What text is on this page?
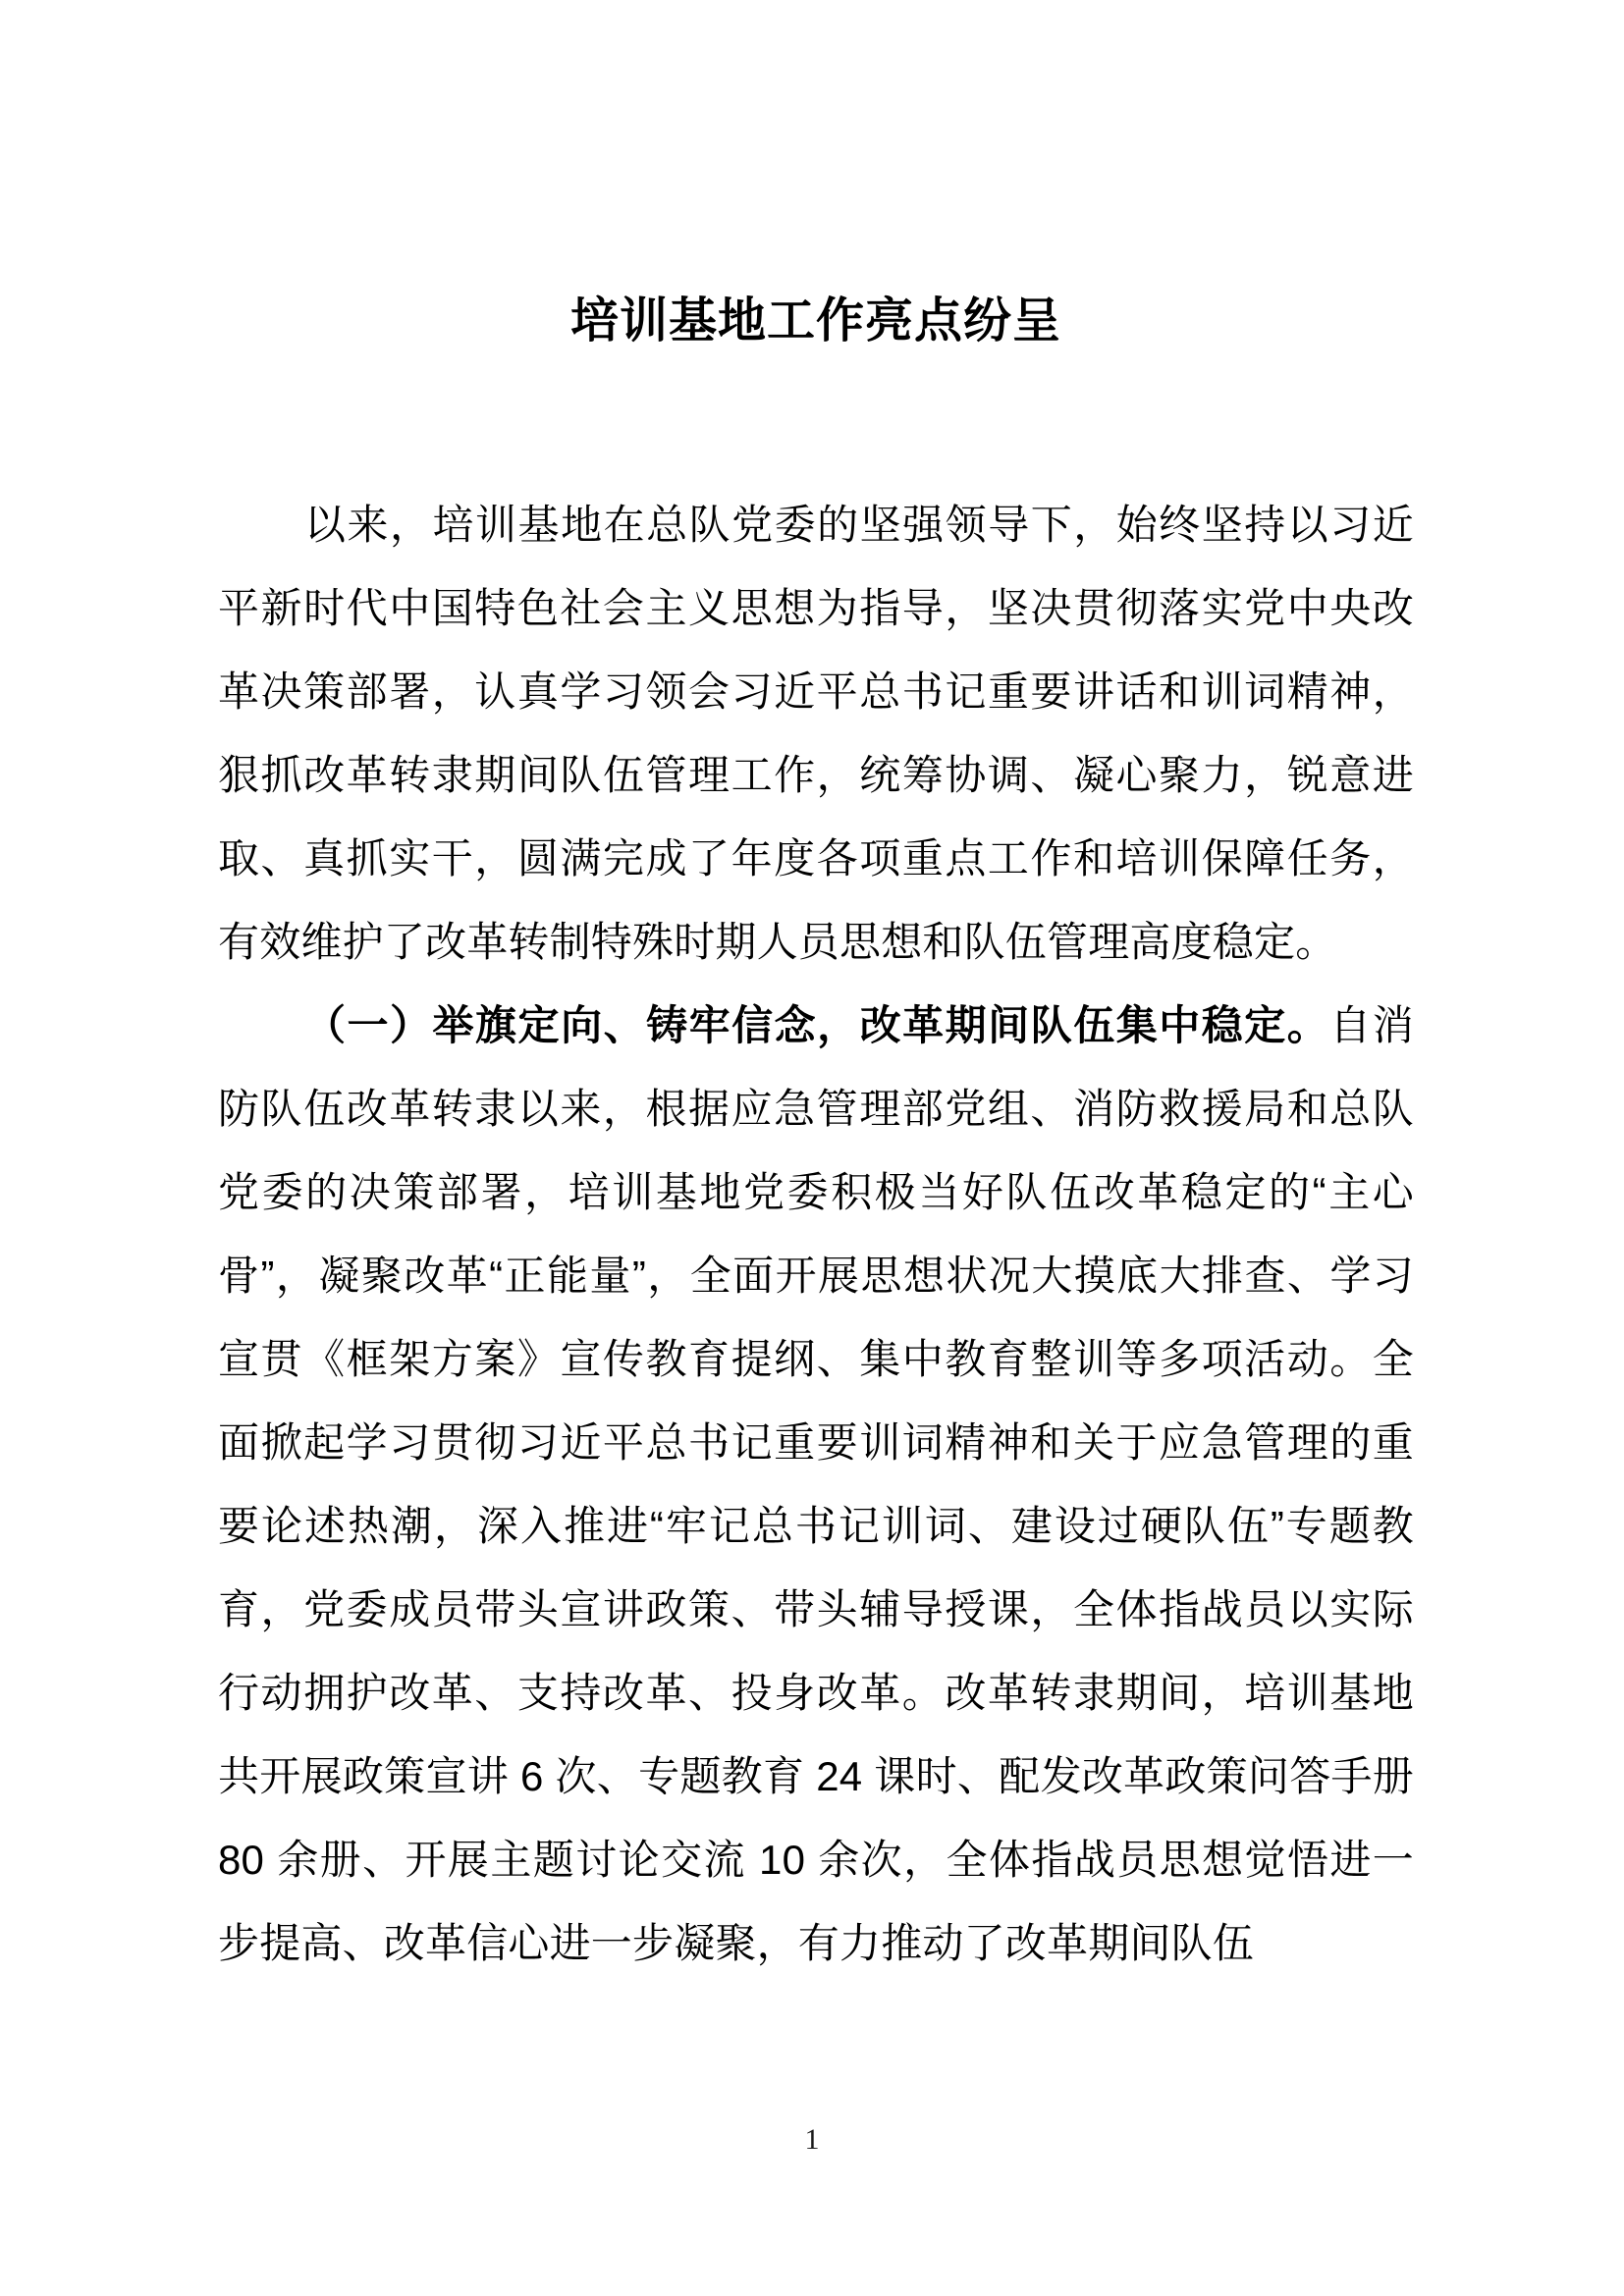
培训基地工作亮点纷呈

以来，培训基地在总队党委的坚强领导下，始终坚持以习近平新时代中国特色社会主义思想为指导，坚决贯彻落实党中央改革决策部署，认真学习领会习近平总书记重要讲话和训词精神，狠抓改革转隶期间队伍管理工作，统筹协调、凝心聚力，锐意进取、真抓实干，圆满完成了年度各项重点工作和培训保障任务，有效维护了改革转制特殊时期人员思想和队伍管理高度稳定。

（一）举旗定向、铸牢信念，改革期间队伍集中稳定。自消防队伍改革转隶以来，根据应急管理部党组、消防救援局和总队党委的决策部署，培训基地党委积极当好队伍改革稳定的“主心骨”，凝聚改革“正能量”，全面开展思想状况大摸底大排查、学习宣贯《框架方案》宣传教育提纲、集中教育整训等多项活动。全面掀起学习贯彻习近平总书记重要训词精神和关于应急管理的重要论述热潮，深入推进“牢记总书记训词、建设过硬队伍”专题教育，党委成员带头宣讲政策、带头辅导授课，全体指战员以实际行动拥护改革、支持改革、投身改革。改革转隶期间，培训基地共开展政策宣讲 6 次、专题教育 24 课时、配发改革政策问答手册 80 余册、开展主题讨论交流 10 余次，全体指战员思想觉悟进一步提高、改革信心进一步凝聚，有力推动了改革期间队伍

1
